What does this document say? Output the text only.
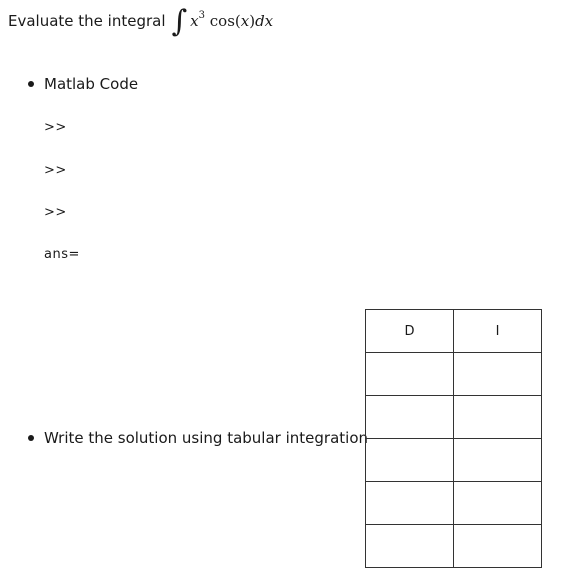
Evaluate the integral ∫ $x^3$ cos(x)dx
Matlab Code
>>
>>
>>
ans=
Write the solution using tabular integration
D	I
